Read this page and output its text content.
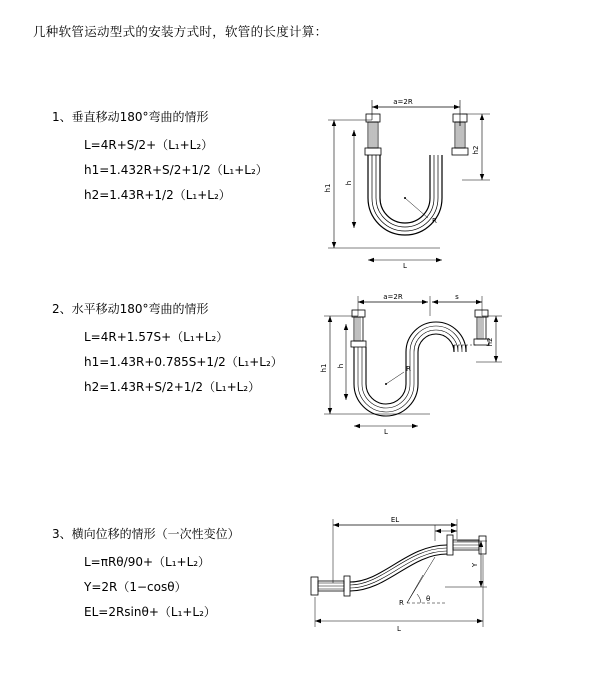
几种软管运动型式的安装方式时，软管的长度计算：
1、垂直移动180°弯曲的情形
L=4R+S/2+（L₁+L₂）
h1=1.432R+S/2+1/2（L₁+L₂）
h2=1.43R+1/2（L₁+L₂）
a=2R
h1
h
h2
R
L
2、水平移动180°弯曲的情形
L=4R+1.57S+（L₁+L₂）
h1=1.43R+0.785S+1/2（L₁+L₂）
h2=1.43R+S/2+1/2（L₁+L₂）
a=2R	s
h1 h
h2
R
L
3、横向位移的情形（一次性变位）
L=πRθ/90+（L₁+L₂）
Y=2R（1−cosθ）
EL=2Rsinθ+（L₁+L₂）
EL
Y
θ
R
L
